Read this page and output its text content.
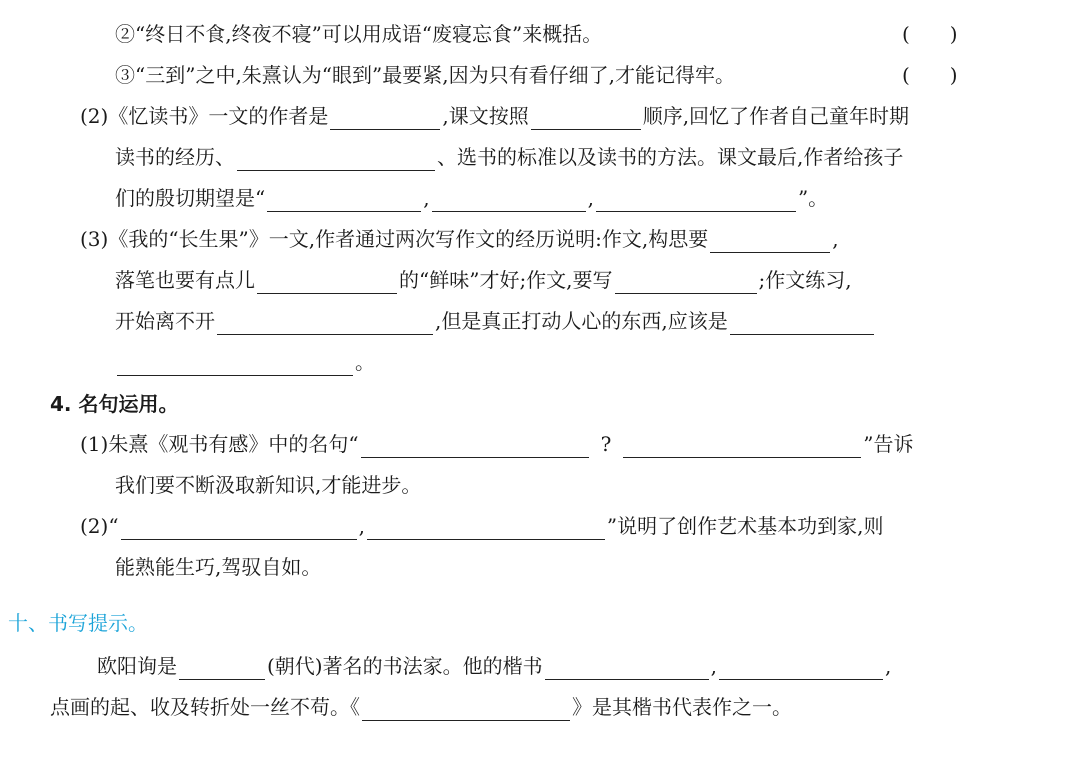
②“终日不食,终夜不寝”可以用成语“废寝忘食”来概括。	(　　)
③“三到”之中,朱熹认为“眼到”最要紧,因为只有看仔细了,才能记得牢。	(　　)
(2)《忆读书》一文的作者是	,课文按照	顺序,回忆了作者自己童年时期
读书的经历、	、选书的标准以及读书的方法。课文最后,作者给孩子
们的殷切期望是“	,	,	”。
(3)《我的“长生果”》一文,作者通过两次写作文的经历说明:作文,构思要	,
落笔也要有点儿	的“鲜味”才好;作文,要写	;作文练习,
开始离不开	,但是真正打动人心的东西,应该是
。
4. 名句运用。
(1)朱熹《观书有感》中的名句“	?	”告诉
我们要不断汲取新知识,才能进步。
(2)“	,	”说明了创作艺术基本功到家,则
能熟能生巧,驾驭自如。
十、书写提示。
欧阳询是	(朝代)著名的书法家。他的楷书	,	,
点画的起、收及转折处一丝不苟。《	》是其楷书代表作之一。
